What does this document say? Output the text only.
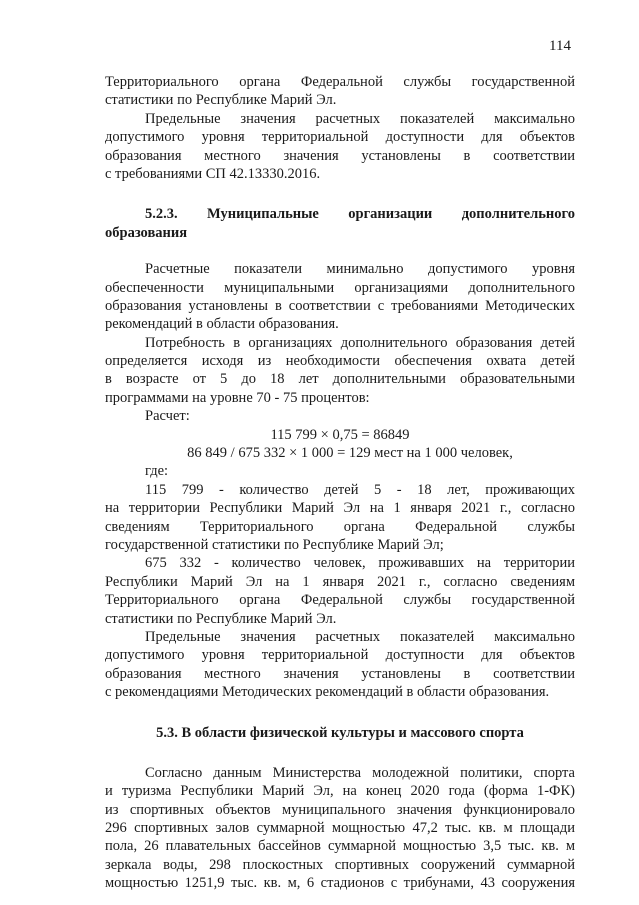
114
Территориального органа Федеральной службы государственной
статистики по Республике Марий Эл.
Предельные значения расчетных показателей максимально
допустимого уровня территориальной доступности для объектов
образования местного значения установлены в соответствии
с требованиями СП 42.13330.2016.
5.2.3. Муниципальные организации дополнительного
образования
Расчетные показатели минимально допустимого уровня
обеспеченности муниципальными организациями дополнительного
образования установлены в соответствии с требованиями Методических
рекомендаций в области образования.
Потребность в организациях дополнительного образования детей
определяется исходя из необходимости обеспечения охвата детей
в возрасте от 5 до 18 лет дополнительными образовательными
программами на уровне 70 - 75 процентов:
Расчет:
115 799 × 0,75 = 86849
86 849 / 675 332 × 1 000 = 129 мест на 1 000 человек,
где:
115 799 - количество детей 5 - 18 лет, проживающих
на территории Республики Марий Эл на 1 января 2021 г., согласно
сведениям Территориального органа Федеральной службы
государственной статистики по Республике Марий Эл;
675 332 - количество человек, проживавших на территории
Республики Марий Эл на 1 января 2021 г., согласно сведениям
Территориального органа Федеральной службы государственной
статистики по Республике Марий Эл.
Предельные значения расчетных показателей максимально
допустимого уровня территориальной доступности для объектов
образования местного значения установлены в соответствии
с рекомендациями Методических рекомендаций в области образования.
5.3. В области физической культуры и массового спорта
Согласно данным Министерства молодежной политики, спорта
и туризма Республики Марий Эл, на конец 2020 года (форма 1-ФК)
из спортивных объектов муниципального значения функционировало
296 спортивных залов суммарной мощностью 47,2 тыс. кв. м площади
пола, 26 плавательных бассейнов суммарной мощностью 3,5 тыс. кв. м
зеркала воды, 298 плоскостных спортивных сооружений суммарной
мощностью 1251,9 тыс. кв. м, 6 стадионов с трибунами, 43 сооружения
